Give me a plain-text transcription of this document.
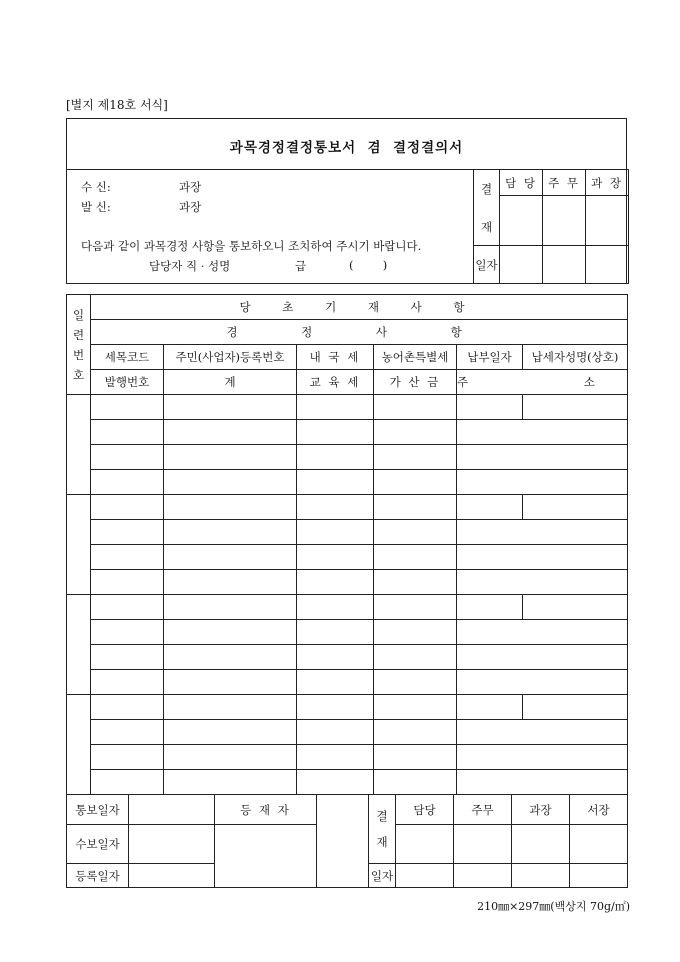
[별지 제18호 서식]
과목경정결정통보서  겸  결정결의서
수 신:	과장
발 신:	과장
다음과 같이 과목경정 사항을 통보하오니 조치하여 주시기 바랍니다.
담당자 직 · 성명	급	(        )
결
재	담 당	주 무	과 장

일자			
일련번호	당 초 기 재 사 항					
	경 정 사 항					
	세목코드	주민(사업자)등록번호	내 국 세	농어촌특별세	납부일자	납세자성명(상호)
	발행번호	계	교 육 세	가 산 금	주 소	

통보일자		등 재 자		결
재	담당	주무	과장	서장
수보일자								
등록일자				일자				
210㎜×297㎜(백상지 70g/㎡)
